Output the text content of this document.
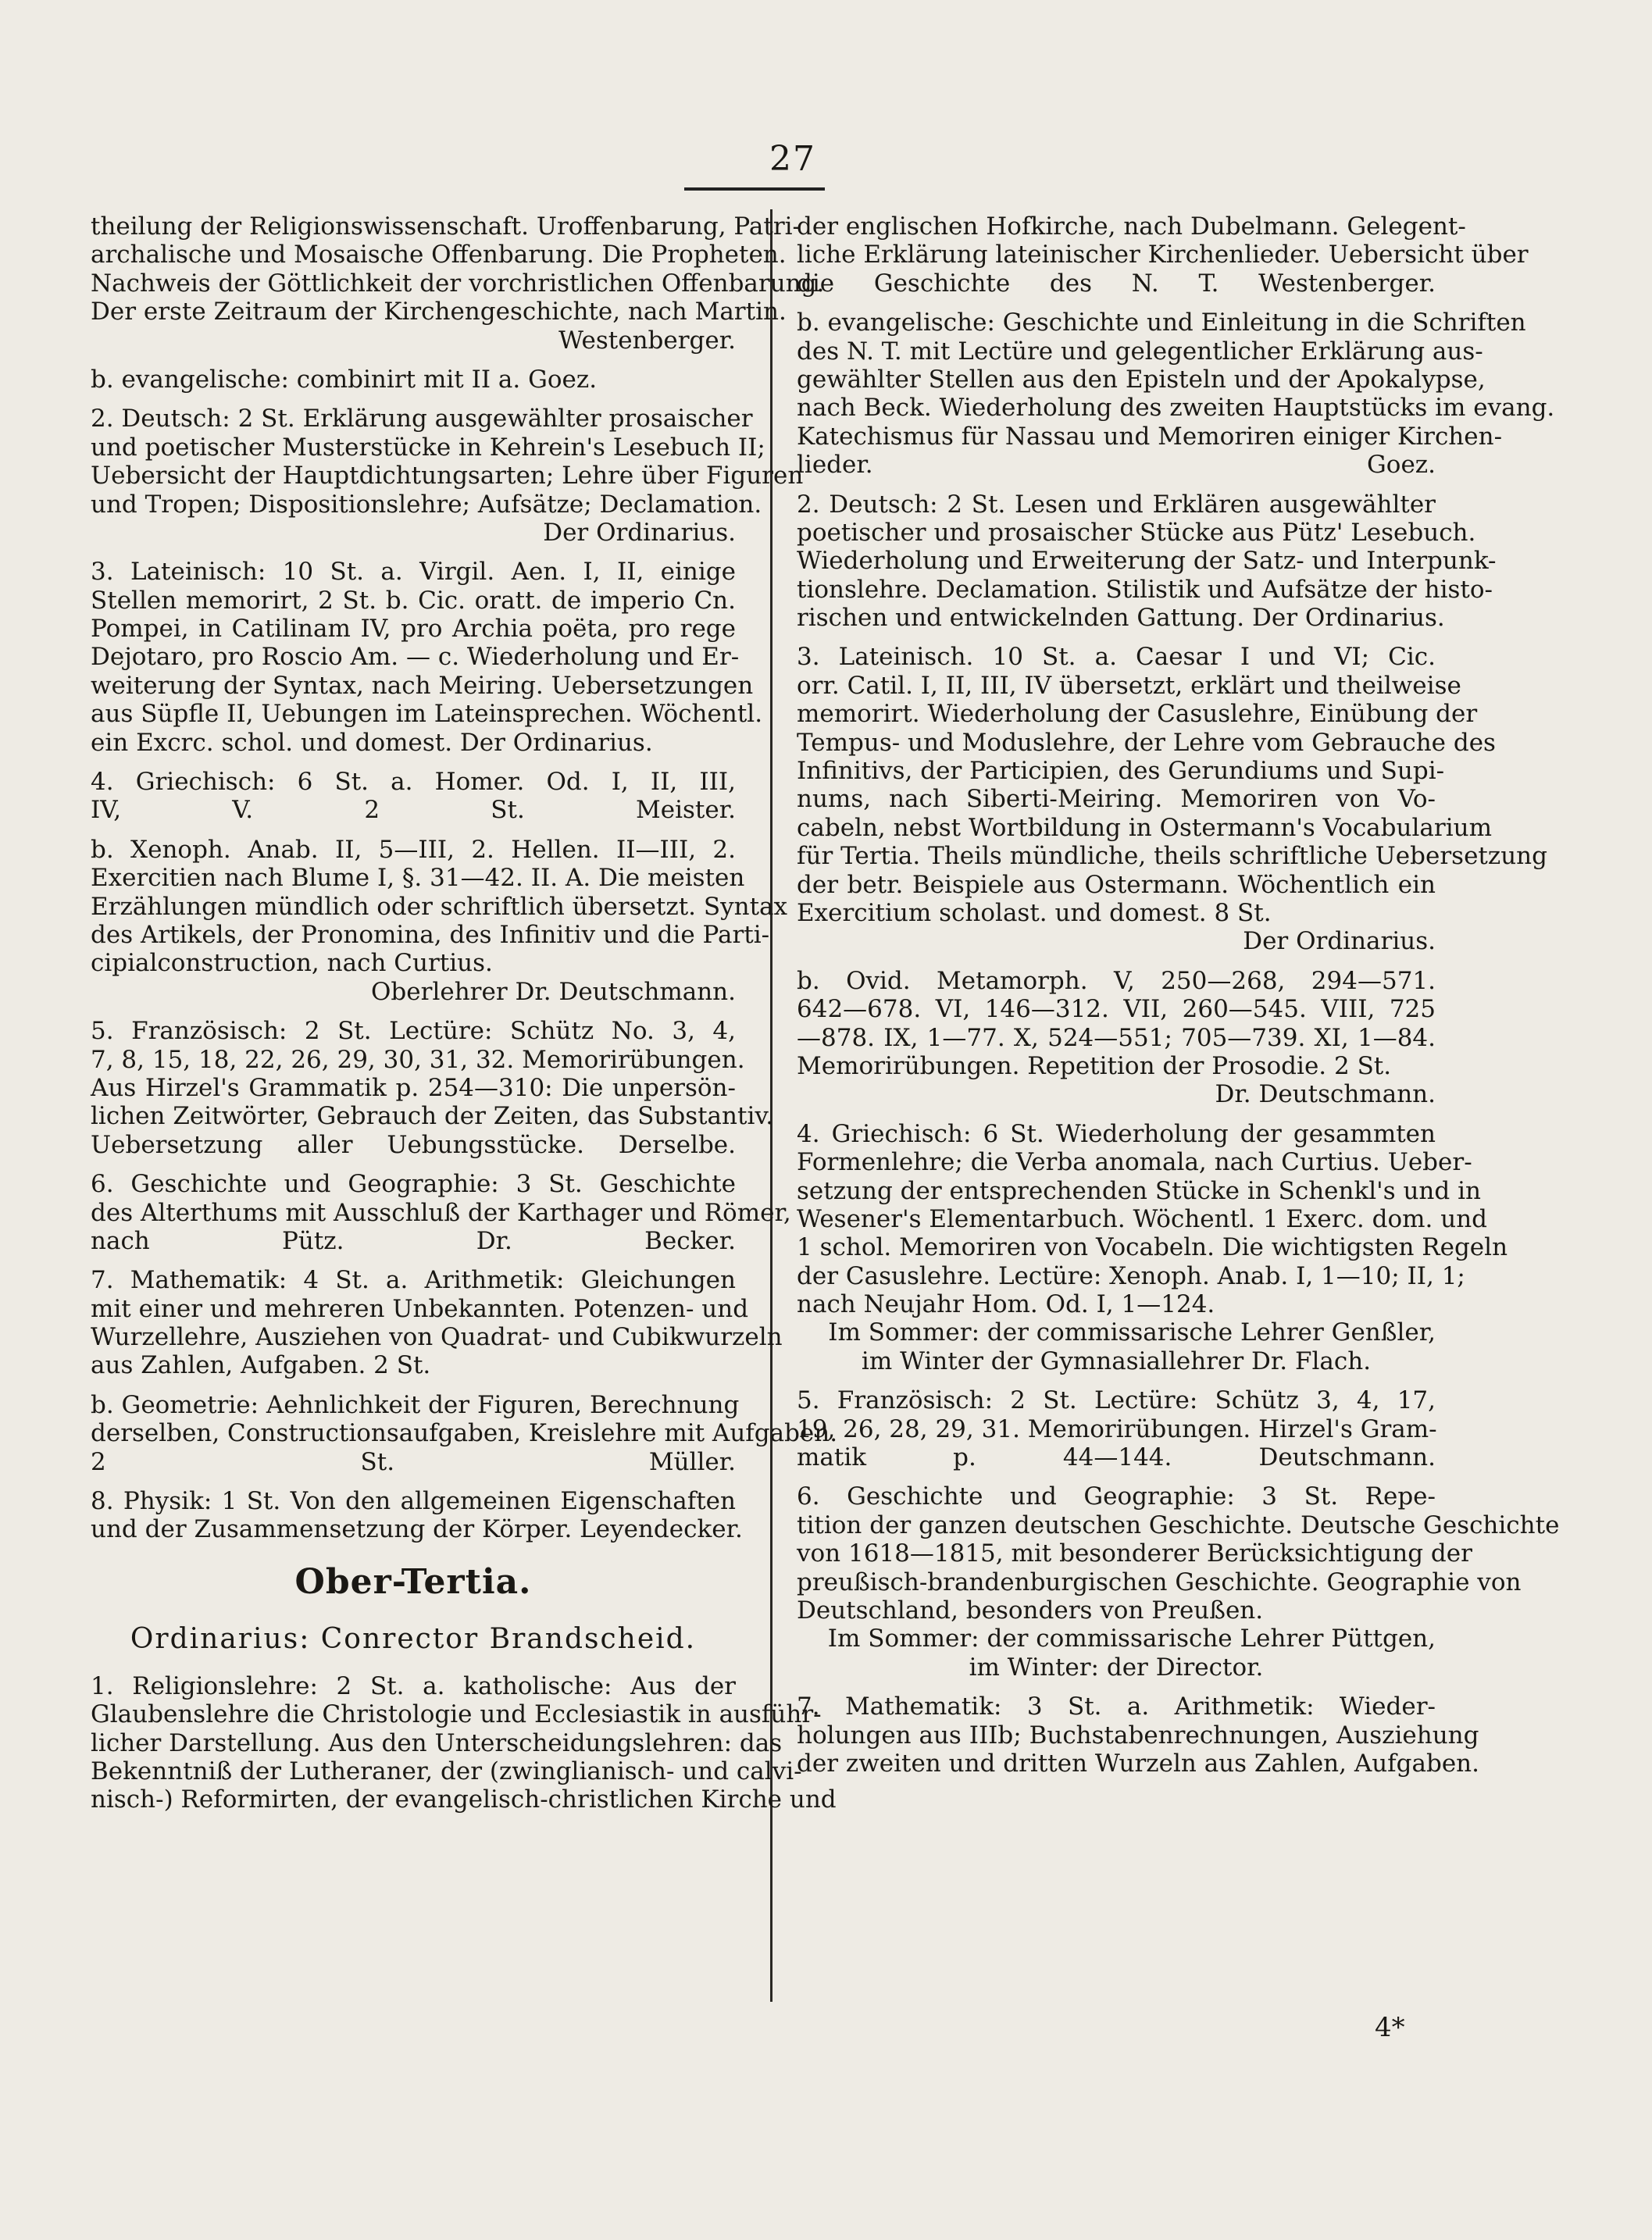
27
theilung der Religionswissenschaft. Uroffenbarung, Patri-
archalische und Mosaische Offenbarung. Die Propheten.
Nachweis der Göttlichkeit der vorchristlichen Offenbarung.
Der erste Zeitraum der Kirchengeschichte, nach Martin.
Westenberger.
b. evangelische: combinirt mit II a. Goez.
2. Deutsch: 2 St. Erklärung ausgewählter prosaischer
und poetischer Musterstücke in Kehrein's Lesebuch II;
Uebersicht der Hauptdichtungsarten; Lehre über Figuren
und Tropen; Dispositionslehre; Aufsätze; Declamation.
Der Ordinarius.
3. Lateinisch: 10 St. a. Virgil. Aen. I, II, einige
Stellen memorirt, 2 St. b. Cic. oratt. de imperio Cn.
Pompei, in Catilinam IV, pro Archia poëta, pro rege
Dejotaro, pro Roscio Am. — c. Wiederholung und Er-
weiterung der Syntax, nach Meiring. Uebersetzungen
aus Süpfle II, Uebungen im Lateinsprechen. Wöchentl.
ein Excrc. schol. und domest. Der Ordinarius.
4. Griechisch: 6 St. a. Homer. Od. I, II, III,
IV, V. 2 St. Meister.
b. Xenoph. Anab. II, 5—III, 2. Hellen. II—III, 2.
Exercitien nach Blume I, §. 31—42. II. A. Die meisten
Erzählungen mündlich oder schriftlich übersetzt. Syntax
des Artikels, der Pronomina, des Infinitiv und die Parti-
cipialconstruction, nach Curtius.
Oberlehrer Dr. Deutschmann.
5. Französisch: 2 St. Lectüre: Schütz No. 3, 4,
7, 8, 15, 18, 22, 26, 29, 30, 31, 32. Memorirübungen.
Aus Hirzel's Grammatik p. 254—310: Die unpersön-
lichen Zeitwörter, Gebrauch der Zeiten, das Substantiv.
Uebersetzung aller Uebungsstücke. Derselbe.
6. Geschichte und Geographie: 3 St. Geschichte
des Alterthums mit Ausschluß der Karthager und Römer,
nach Pütz. Dr. Becker.
7. Mathematik: 4 St. a. Arithmetik: Gleichungen
mit einer und mehreren Unbekannten. Potenzen- und
Wurzellehre, Ausziehen von Quadrat- und Cubikwurzeln
aus Zahlen, Aufgaben. 2 St.
b. Geometrie: Aehnlichkeit der Figuren, Berechnung
derselben, Constructionsaufgaben, Kreislehre mit Aufgaben.
2 St. Müller.
8. Physik: 1 St. Von den allgemeinen Eigenschaften
und der Zusammensetzung der Körper. Leyendecker.
Ober-Tertia.
Ordinarius: Conrector Brandscheid.
1. Religionslehre: 2 St. a. katholische: Aus der
Glaubenslehre die Christologie und Ecclesiastik in ausführ-
licher Darstellung. Aus den Unterscheidungslehren: das
Bekenntniß der Lutheraner, der (zwinglianisch- und calvi-
nisch-) Reformirten, der evangelisch-christlichen Kirche und
der englischen Hofkirche, nach Dubelmann. Gelegent-
liche Erklärung lateinischer Kirchenlieder. Uebersicht über
die Geschichte des N. T. Westenberger.
b. evangelische: Geschichte und Einleitung in die Schriften
des N. T. mit Lectüre und gelegentlicher Erklärung aus-
gewählter Stellen aus den Episteln und der Apokalypse,
nach Beck. Wiederholung des zweiten Hauptstücks im evang.
Katechismus für Nassau und Memoriren einiger Kirchen-
lieder. Goez.
2. Deutsch: 2 St. Lesen und Erklären ausgewählter
poetischer und prosaischer Stücke aus Pütz' Lesebuch.
Wiederholung und Erweiterung der Satz- und Interpunk-
tionslehre. Declamation. Stilistik und Aufsätze der histo-
rischen und entwickelnden Gattung. Der Ordinarius.
3. Lateinisch. 10 St. a. Caesar I und VI; Cic.
orr. Catil. I, II, III, IV übersetzt, erklärt und theilweise
memorirt. Wiederholung der Casuslehre, Einübung der
Tempus- und Moduslehre, der Lehre vom Gebrauche des
Infinitivs, der Participien, des Gerundiums und Supi-
nums, nach Siberti-Meiring. Memoriren von Vo-
cabeln, nebst Wortbildung in Ostermann's Vocabularium
für Tertia. Theils mündliche, theils schriftliche Uebersetzung
der betr. Beispiele aus Ostermann. Wöchentlich ein
Exercitium scholast. und domest. 8 St.
Der Ordinarius.
b. Ovid. Metamorph. V, 250—268, 294—571.
642—678. VI, 146—312. VII, 260—545. VIII, 725
—878. IX, 1—77. X, 524—551; 705—739. XI, 1—84.
Memorirübungen. Repetition der Prosodie. 2 St.
Dr. Deutschmann.
4. Griechisch: 6 St. Wiederholung der gesammten
Formenlehre; die Verba anomala, nach Curtius. Ueber-
setzung der entsprechenden Stücke in Schenkl's und in
Wesener's Elementarbuch. Wöchentl. 1 Exerc. dom. und
1 schol. Memoriren von Vocabeln. Die wichtigsten Regeln
der Casuslehre. Lectüre: Xenoph. Anab. I, 1—10; II, 1;
nach Neujahr Hom. Od. I, 1—124.
Im Sommer: der commissarische Lehrer Genßler,
im Winter der Gymnasiallehrer Dr. Flach.
5. Französisch: 2 St. Lectüre: Schütz 3, 4, 17,
19, 26, 28, 29, 31. Memorirübungen. Hirzel's Gram-
matik p. 44—144. Deutschmann.
6. Geschichte und Geographie: 3 St. Repe-
tition der ganzen deutschen Geschichte. Deutsche Geschichte
von 1618—1815, mit besonderer Berücksichtigung der
preußisch-brandenburgischen Geschichte. Geographie von
Deutschland, besonders von Preußen.
Im Sommer: der commissarische Lehrer Püttgen,
im Winter: der Director.
7. Mathematik: 3 St. a. Arithmetik: Wieder-
holungen aus IIIb; Buchstabenrechnungen, Ausziehung
der zweiten und dritten Wurzeln aus Zahlen, Aufgaben.
4*
